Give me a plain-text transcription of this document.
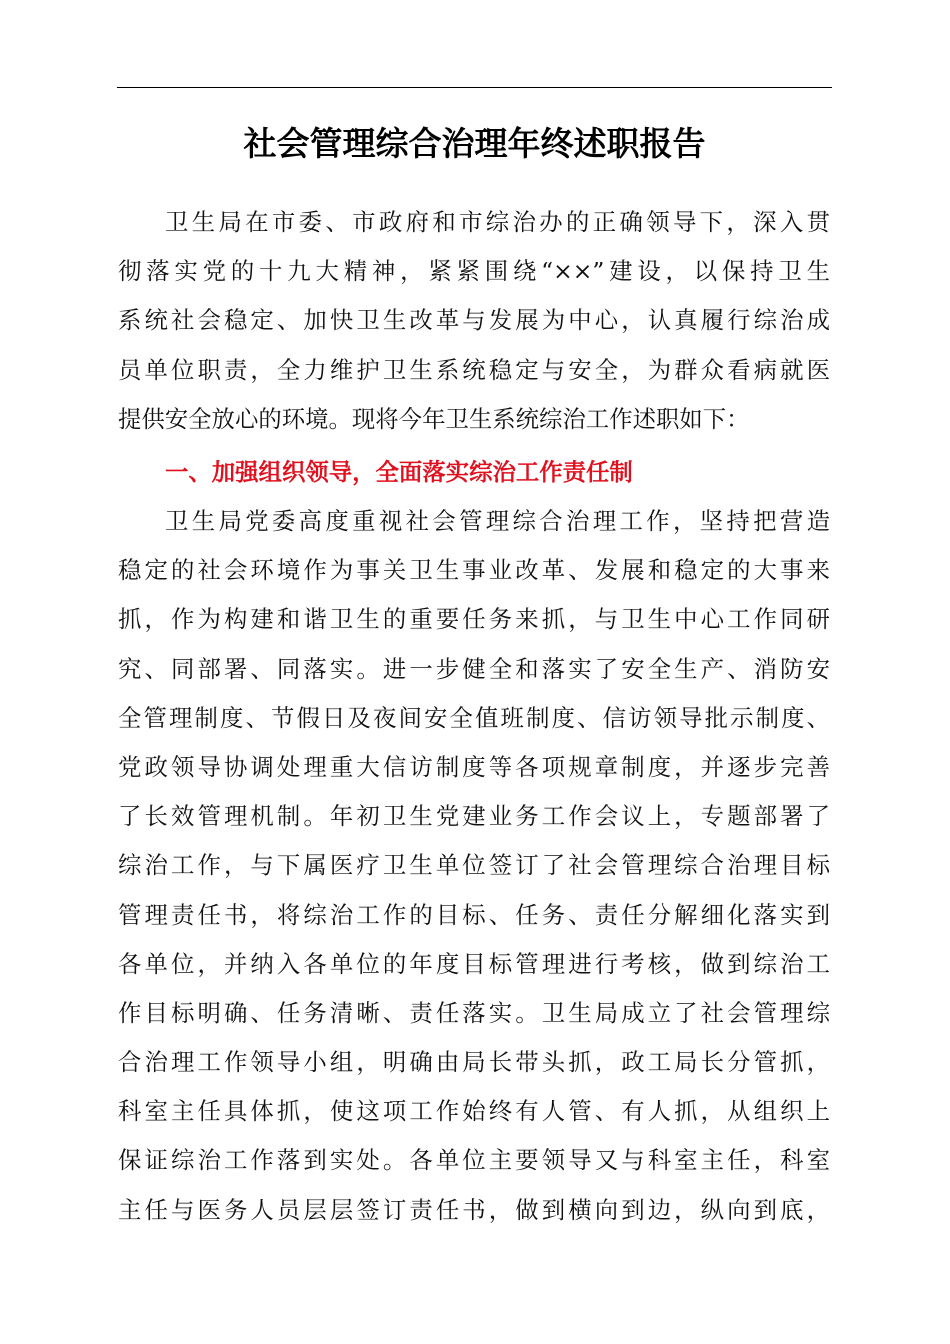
社会管理综合治理年终述职报告
卫生局在市委、市政府和市综治办的正确领导下，深入贯
彻落实党的十九大精神，紧紧围绕“××”建设，以保持卫生
系统社会稳定、加快卫生改革与发展为中心，认真履行综治成
员单位职责，全力维护卫生系统稳定与安全，为群众看病就医
提供安全放心的环境。现将今年卫生系统综治工作述职如下：
一、加强组织领导，全面落实综治工作责任制
卫生局党委高度重视社会管理综合治理工作，坚持把营造
稳定的社会环境作为事关卫生事业改革、发展和稳定的大事来
抓，作为构建和谐卫生的重要任务来抓，与卫生中心工作同研
究、同部署、同落实。进一步健全和落实了安全生产、消防安
全管理制度、节假日及夜间安全值班制度、信访领导批示制度、
党政领导协调处理重大信访制度等各项规章制度，并逐步完善
了长效管理机制。年初卫生党建业务工作会议上，专题部署了
综治工作，与下属医疗卫生单位签订了社会管理综合治理目标
管理责任书，将综治工作的目标、任务、责任分解细化落实到
各单位，并纳入各单位的年度目标管理进行考核，做到综治工
作目标明确、任务清晰、责任落实。卫生局成立了社会管理综
合治理工作领导小组，明确由局长带头抓，政工局长分管抓，
科室主任具体抓，使这项工作始终有人管、有人抓，从组织上
保证综治工作落到实处。各单位主要领导又与科室主任，科室
主任与医务人员层层签订责任书，做到横向到边，纵向到底，
